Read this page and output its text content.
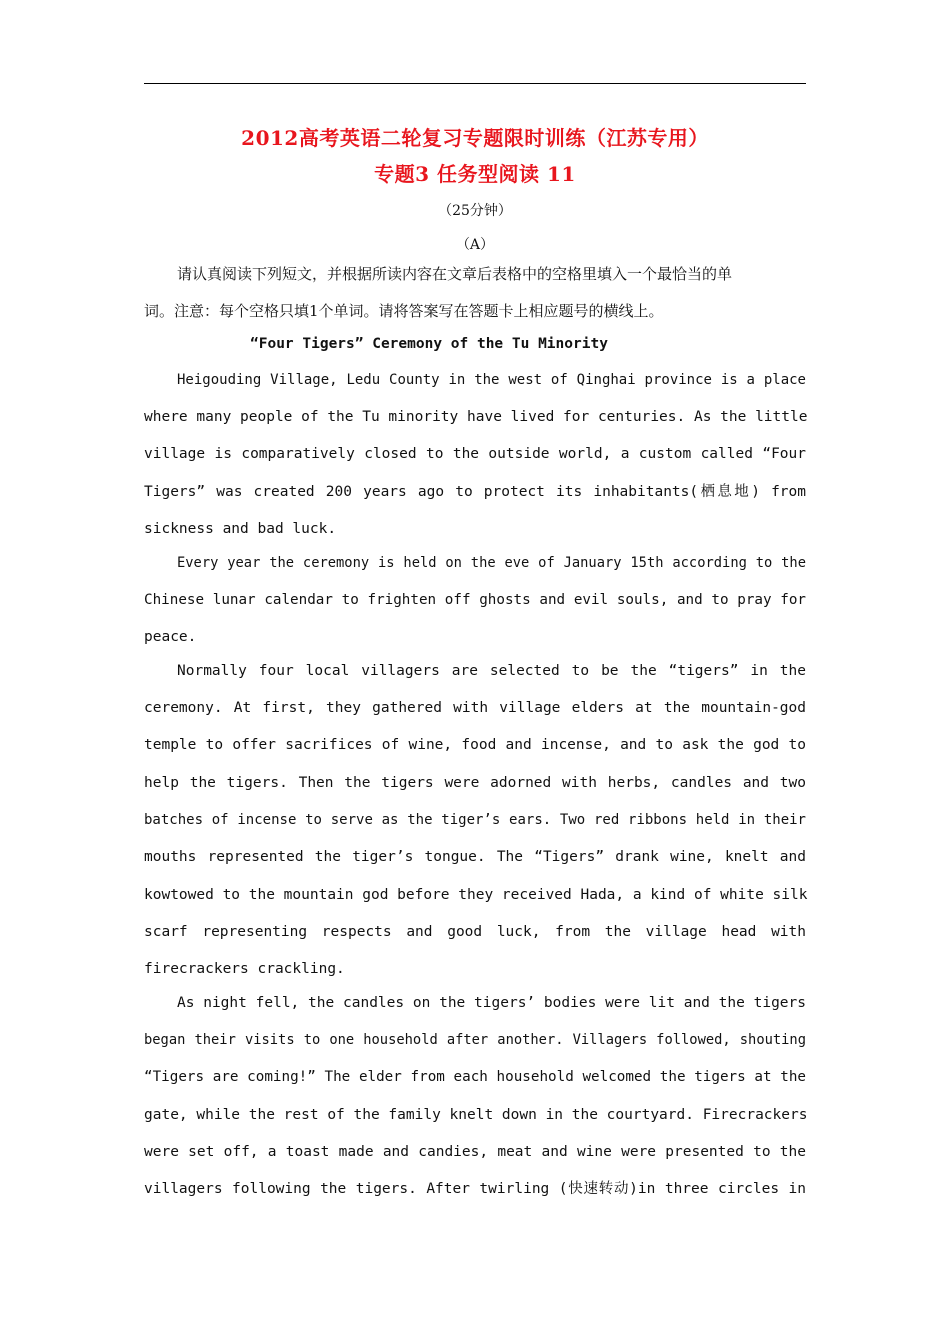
2012高考英语二轮复习专题限时训练（江苏专用）
专题3 任务型阅读 11
（25分钟）
（A）
请认真阅读下列短文，并根据所读内容在文章后表格中的空格里填入一个最恰当的单
词。注意：每个空格只填1个单词。请将答案写在答题卡上相应题号的横线上。
“Four Tigers” Ceremony of the Tu Minority
Heigouding Village, Ledu County in the west of Qinghai province is a place
where many people of the Tu minority have lived for centuries. As the little
village is comparatively closed to the outside world, a custom called “Four
Tigers” was created 200 years ago to protect its inhabitants(栖息地) from
sickness and bad luck.
Every year the ceremony is held on the eve of January 15th according to the
Chinese lunar calendar to frighten off ghosts and evil souls, and to pray for
peace.
Normally four local villagers are selected to be the “tigers” in the
ceremony. At first, they gathered with village elders at the mountain-god
temple to offer sacrifices of wine, food and incense, and to ask the god to
help the tigers. Then the tigers were adorned with herbs, candles and two
batches of incense to serve as the tiger’s ears. Two red ribbons held in their
mouths represented the tiger’s tongue. The “Tigers” drank wine, knelt and
kowtowed to the mountain god before they received Hada, a kind of white silk
scarf representing respects and good luck, from the village head with
firecrackers crackling.
As night fell, the candles on the tigers’ bodies were lit and the tigers
began their visits to one household after another. Villagers followed, shouting
“Tigers are coming!” The elder from each household welcomed the tigers at the
gate, while the rest of the family knelt down in the courtyard. Firecrackers
were set off, a toast made and candies, meat and wine were presented to the
villagers following the tigers. After twirling (快速转动)in three circles in
